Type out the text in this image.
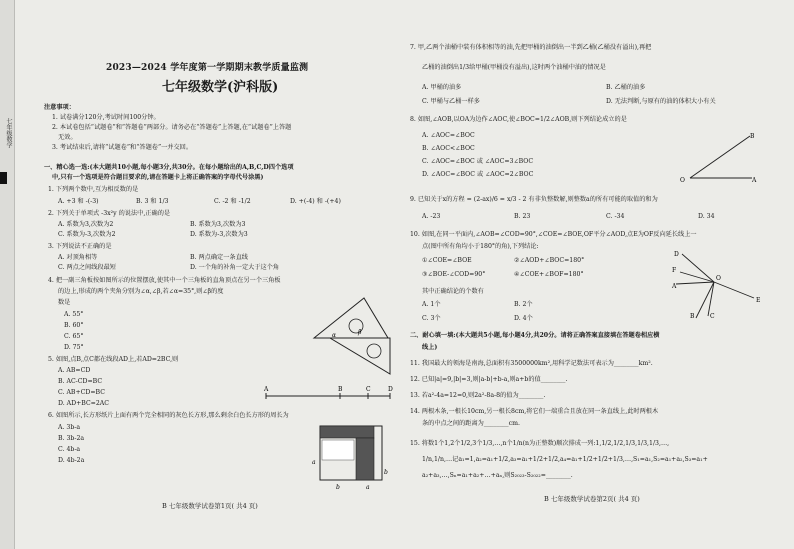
七年级数学
2023—2024 学年度第一学期期末教学质量监测
七年级数学(沪科版)
注意事项：
1. 试卷满分120分,考试时间100分钟。
2. 本试卷包括“试题卷”和“答题卷”两部分。请务必在“答题卷”上答题,在“试题卷”上答题
无效。
3. 考试结束后,请将“试题卷”和“答题卷”一并交回。
一、精心选一选:(本大题共10小题,每小题3分,共30分。在每小题给出的A,B,C,D四个选项
中,只有一个选项是符合题目要求的,请在答题卡上将正确答案的字母代号涂黑)
1. 下列两个数中,互为相反数的是
A. +3 和 -(-3)	B. 3 和 1/3	C. -2 和 -1/2	D. +(-4) 和 -(+4)
2. 下列关于单项式 -3x²y 的说法中,正确的是
A. 系数为3,次数为2	B. 系数为3,次数为3
C. 系数为-3,次数为2	D. 系数为-3,次数为3
3. 下列说法不正确的是
A. 对顶角相等	B. 两点确定一条直线
C. 两点之间线段最短	D. 一个角的补角一定大于这个角
4. 把一副三角板按如图所示的位置摆放,使其中一个三角板的直角顶点在另一个三角板
的边上,形成的两个夹角分别为∠α,∠β,若∠α=35°,则∠β的度
数是
A. 55°
B. 60°
C. 65°
D. 75°
α	β
5. 如图,点B,点C都在线段AD上,若AD=2BC,则
A. AB=CD
B. AC-CD=BC
C. AB+CD=BC
D. AD+BC=2AC
A	B	C	D
6. 如图所示,长方形纸片上面有两个完全相同的灰色长方形,那么剩余白色长方形的周长为
A. 3b-a
B. 3b-2a
C. 4b-a
D. 4b-2a	a
b	a
b
B 七年级数学试卷第1页( 共4 页)
7. 甲,乙两个油桶中装有体积相等的油,先把甲桶的油倒出一半到乙桶(乙桶没有溢出),再把
乙桶的油倒出1/3给甲桶(甲桶没有溢出),这时两个油桶中油的情况是
A. 甲桶的油多	B. 乙桶的油多
C. 甲桶与乙桶一样多	D. 无法判断,与原有的油的体积大小有关
8. 如图,∠AOB,以OA为边作∠AOC,使∠BOC=1/2∠AOB,则下列结论成立的是
A. ∠AOC=∠BOC
B. ∠AOC<∠BOC
C. ∠AOC=∠BOC 或 ∠AOC=3∠BOC
D. ∠AOC=∠BOC 或 ∠AOC=2∠BOC
B
O	A
9. 已知关于x的方程 = (2-ax)/6 = x/3 - 2 有非负整数解,则整数a的所有可能的取值的和为
A. -23	B. 23	C. -34	D. 34
10. 如图,在同一平面内,∠AOB=∠COD=90°,∠COE=∠BOE,OF平分∠AOD,点E为OF反向延长线上一
点(图中所有角均小于180°的角),下列结论:
①∠COE=∠BOE	②∠AOD+∠BOC=180°
③∠BOE-∠COD=90°	④∠COE+∠BOF=180°
其中正确结论的个数有
A. 1个	B. 2个
C. 3个	D. 4个
D
F
A
O
B	C
E
二、耐心填一填:(本大题共5小题,每小题4分,共20分。请将正确答案直接填在答题卷相应横
线上)
11. 我国最大的领海是南海,总面积有3500000km²,用科学记数法可表示为________km².
12. 已知|a|=9,|b|=3,则|a-b|+b-a,则a+b的值________.
13. 若a²-4a=12=0,则2a²-8a-8的值为________.
14. 两根木条,一根长10cm,另一根长8cm,将它们一端重合且放在同一条直线上,此时两根木
条的中点之间的距离为________cm.
15. 将数1个1,2个1/2,3个1/3,…,n个1/n(n为正整数)顺次排成一列:1,1/2,1/2,1/3,1/3,1/3,…,
1/n,1/n,…记a₁=1,a₂=a₁+1/2,a₃=a₁+1/2+1/2,a₄=a₁+1/2+1/2+1/3,…,S₁=a₁,S₂=a₁+a₂,S₃=a₁+
a₂+a₃,…,Sₙ=a₁+a₂+…+aₙ,则S₂₀₂₃-S₂₀₂₂=________.
B 七年级数学试卷第2页( 共4 页)
